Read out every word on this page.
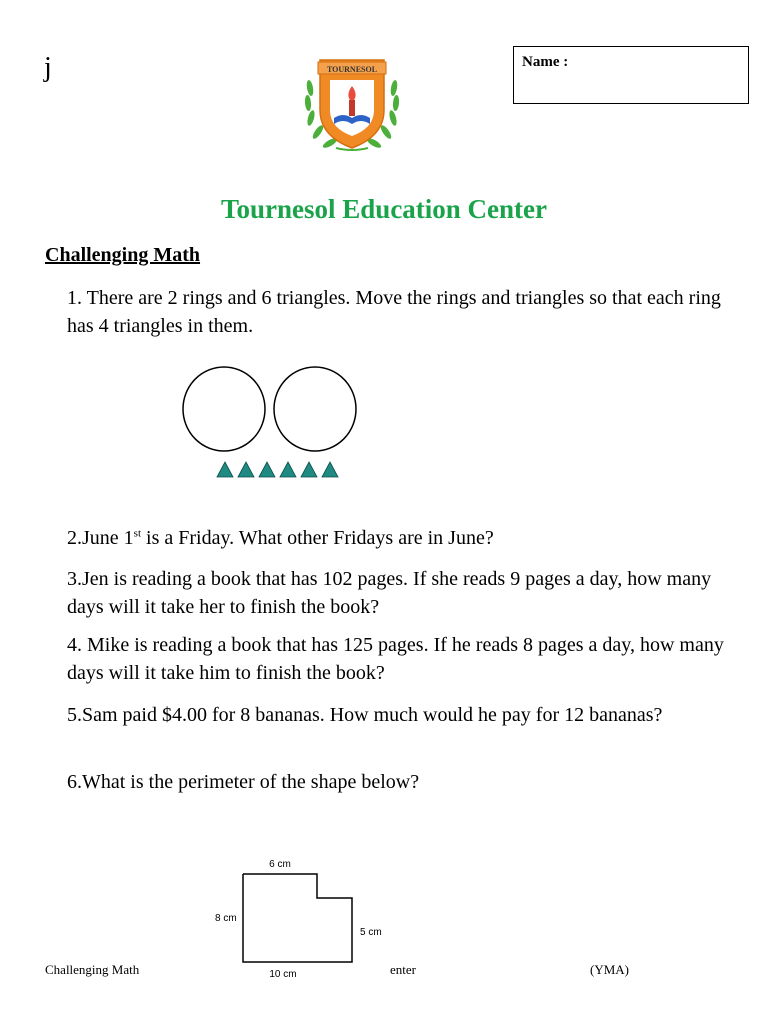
j	Name :
TOURNESOL
Tournesol Education Center
Challenging Math

1. There are 2 rings and 6 triangles. Move the rings and triangles so that each ring has 4 triangles in them.

2.June 1st is a Friday. What other Fridays are in June?

3.Jen is reading a book that has 102 pages. If she reads 9 pages a day, how many days will it take her to finish the book?

4. Mike is reading a book that has 125 pages. If he reads 8 pages a day, how many days will it take him to finish the book?

5.Sam paid $4.00 for 8 bananas. How much would he pay for 12 bananas?

6.What is the perimeter of the shape below?

6 cm
8 cm
5 cm
10 cm
Challenging Math	enter	(YMA)
